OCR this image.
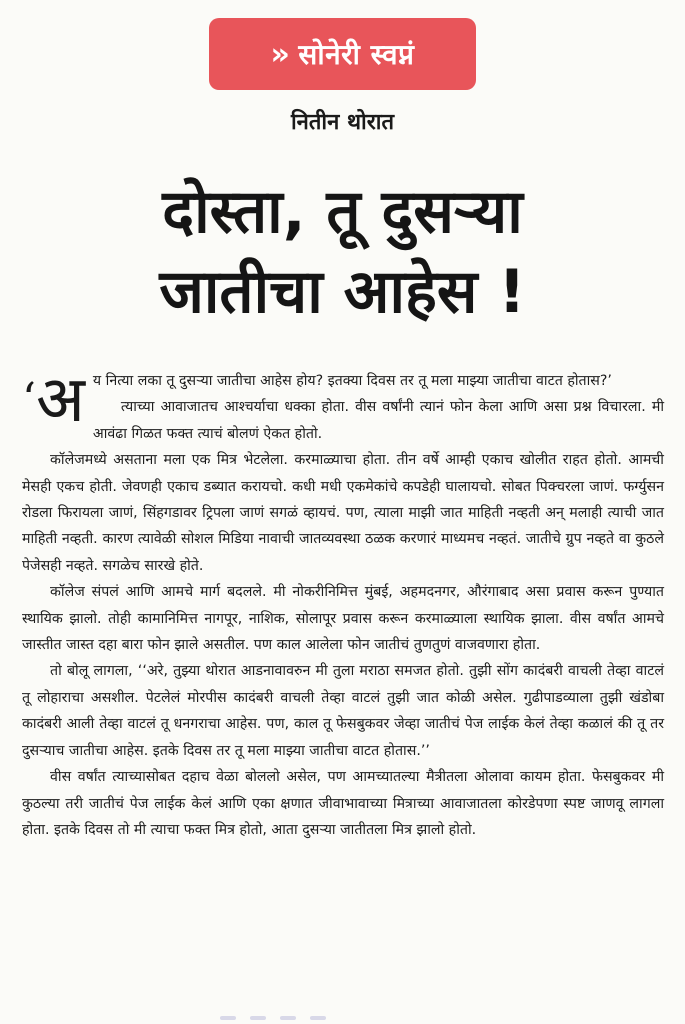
» सोनेरी स्वप्नं
नितीन थोरात
दोस्ता, तू दुसऱ्या
जातीचा आहेस !

‘अ य नित्या लका तू दुसऱ्या जातीचा आहेस होय? इतक्या दिवस तर तू मला माझ्या जातीचा वाटत होतास?’

त्याच्या आवाजातच आश्चर्याचा धक्का होता. वीस वर्षांनी त्यानं फोन केला आणि असा प्रश्न विचारला. मी आवंढा गिळत फक्त त्याचं बोलणं ऐकत होतो.

कॉलेजमध्ये असताना मला एक मित्र भेटलेला. करमाळ्याचा होता. तीन वर्षे आम्ही एकाच खोलीत राहत होतो. आमची मेसही एकच होती. जेवणही एकाच डब्यात करायचो. कधी मधी एकमेकांचे कपडेही घालायचो. सोबत पिक्चरला जाणं. फर्ग्युसन रोडला फिरायला जाणं, सिंहगडावर ट्रिपला जाणं सगळं व्हायचं. पण, त्याला माझी जात माहिती नव्हती अन् मलाही त्याची जात माहिती नव्हती. कारण त्यावेळी सोशल मिडिया नावाची जातव्यवस्था ठळक करणारं माध्यमच नव्हतं. जातीचे ग्रुप नव्हते वा कुठले पेजेसही नव्हते. सगळेच सारखे होते.

कॉलेज संपलं आणि आमचे मार्ग बदलले. मी नोकरीनिमित्त मुंबई, अहमदनगर, औरंगाबाद असा प्रवास करून पुण्यात स्थायिक झालो. तोही कामानिमित्त नागपूर, नाशिक, सोलापूर प्रवास करून करमाळ्याला स्थायिक झाला. वीस वर्षांत आमचे जास्तीत जास्त दहा बारा फोन झाले असतील. पण काल आलेला फोन जातीचं तुणतुणं वाजवणारा होता.

तो बोलू लागला, ‘‘अरे, तुझ्या थोरात आडनावावरुन मी तुला मराठा समजत होतो. तुझी सोंग कादंबरी वाचली तेव्हा वाटलं तू लोहाराचा असशील. पेटलेलं मोरपीस कादंबरी वाचली तेव्हा वाटलं तुझी जात कोळी असेल. गुढीपाडव्याला तुझी खंडोबा कादंबरी आली तेव्हा वाटलं तू धनगराचा आहेस. पण, काल तू फेसबुकवर जेव्हा जातीचं पेज लाईक केलं तेव्हा कळालं की तू तर दुसऱ्याच जातीचा आहेस. इतके दिवस तर तू मला माझ्या जातीचा वाटत होतास.’’

वीस वर्षांत त्याच्यासोबत दहाच वेळा बोललो असेल, पण आमच्यातल्या मैत्रीतला ओलावा कायम होता. फेसबुकवर मी कुठल्या तरी जातीचं पेज लाईक केलं आणि एका क्षणात जीवाभावाच्या मित्राच्या आवाजातला कोरडेपणा स्पष्ट जाणवू लागला होता. इतके दिवस तो मी त्याचा फक्त मित्र होतो, आता दुसऱ्या जातीतला मित्र झालो होतो.
